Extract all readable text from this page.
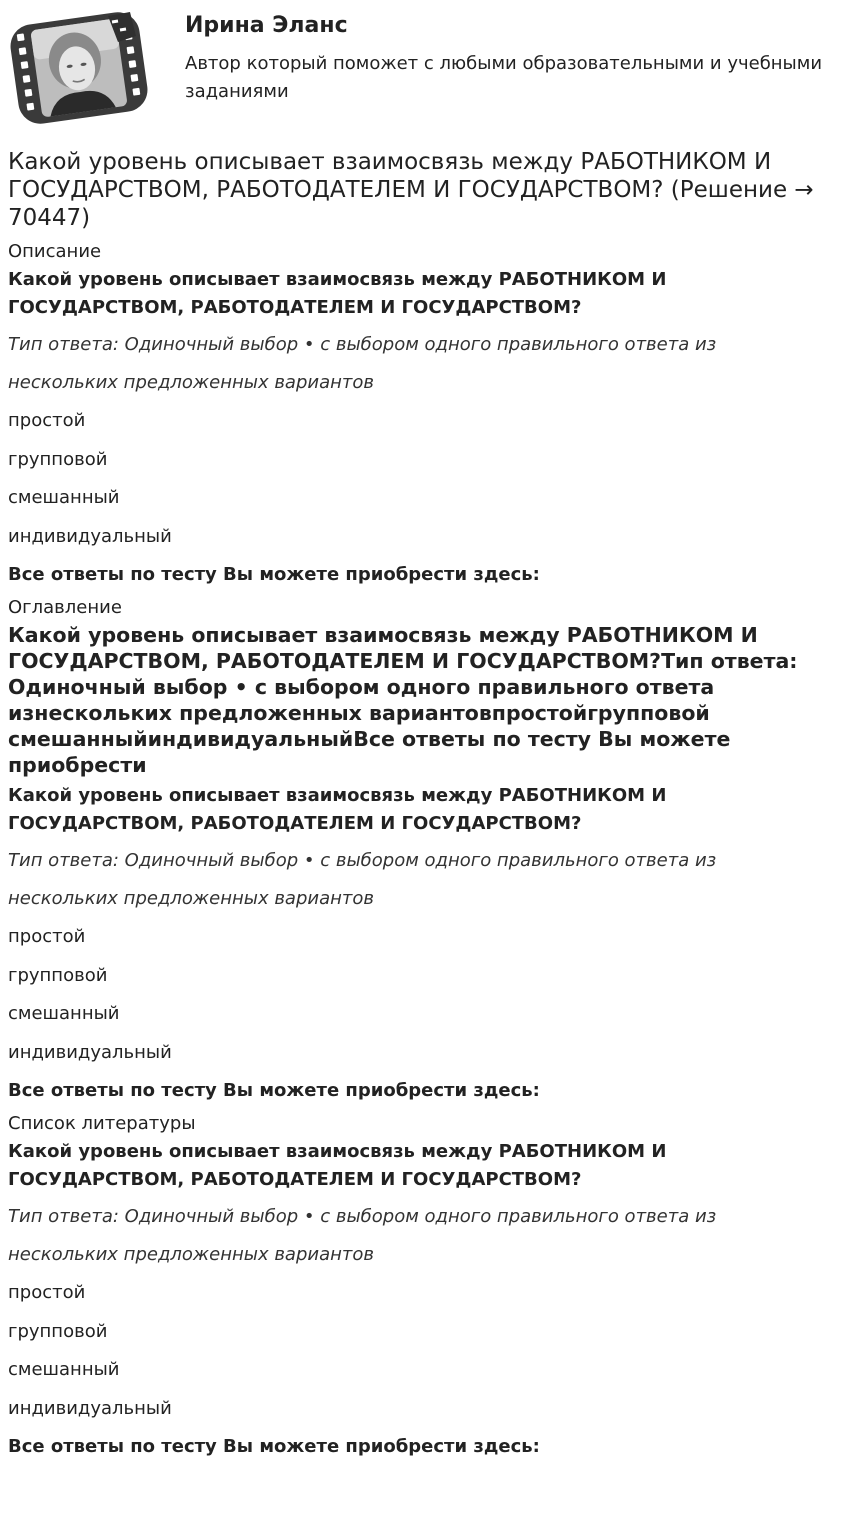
Ирина Эланс
Автор который поможет с любыми образовательными и учебными заданиями
Какой уровень описывает взаимосвязь между РАБОТНИКОМ И ГОСУДАРСТВОМ, РАБОТОДАТЕЛЕМ И ГОСУДАРСТВОМ? (Решение → 70447)
Описание
Какой уровень описывает взаимосвязь между РАБОТНИКОМ И ГОСУДАРСТВОМ, РАБОТОДАТЕЛЕМ И ГОСУДАРСТВОМ?
Тип ответа: Одиночный выбор • с выбором одного правильного ответа из нескольких предложенных вариантов
простой
групповой
смешанный
индивидуальный
Все ответы по тесту Вы можете приобрести здесь:
Оглавление
Какой уровень описывает взаимосвязь между РАБОТНИКОМ И ГОСУДАРСТВОМ, РАБОТОДАТЕЛЕМ И ГОСУДАРСТВОМ?Тип ответа: Одиночный выбор • с выбором одного правильного ответа изнескольких предложенных вариантовпростойгрупповой смешанныйиндивидуальныйВсе ответы по тесту Вы можете приобрести
Какой уровень описывает взаимосвязь между РАБОТНИКОМ И ГОСУДАРСТВОМ, РАБОТОДАТЕЛЕМ И ГОСУДАРСТВОМ?
Тип ответа: Одиночный выбор • с выбором одного правильного ответа из нескольких предложенных вариантов
простой
групповой
смешанный
индивидуальный
Все ответы по тесту Вы можете приобрести здесь:
Список литературы
Какой уровень описывает взаимосвязь между РАБОТНИКОМ И ГОСУДАРСТВОМ, РАБОТОДАТЕЛЕМ И ГОСУДАРСТВОМ?
Тип ответа: Одиночный выбор • с выбором одного правильного ответа из нескольких предложенных вариантов
простой
групповой
смешанный
индивидуальный
Все ответы по тесту Вы можете приобрести здесь:
